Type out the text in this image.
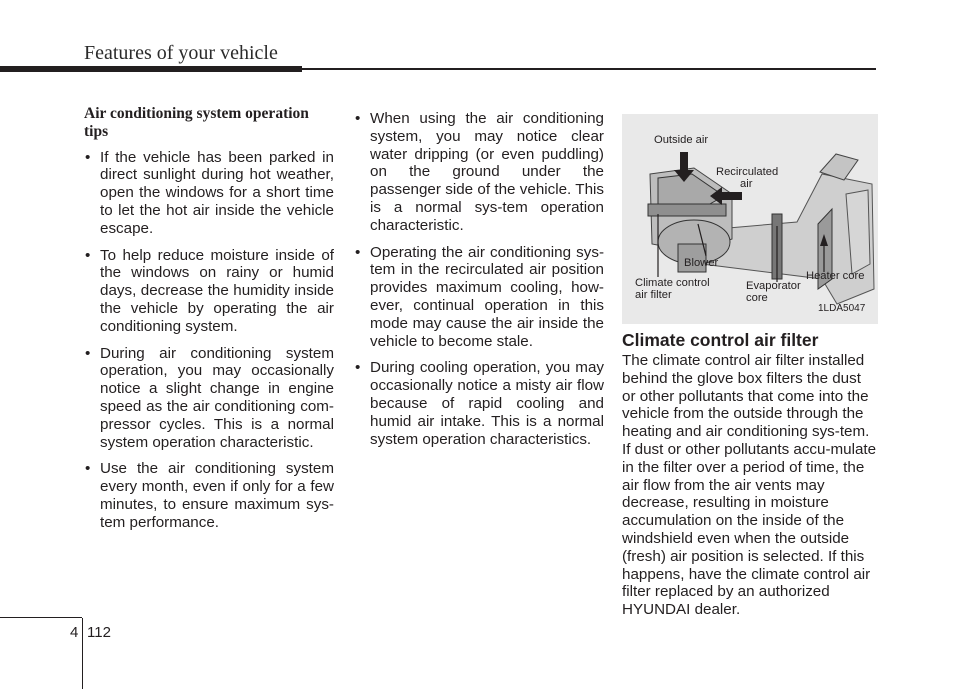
Features of your vehicle
Air conditioning system operation tips
• If the vehicle has been parked in direct sunlight during hot weather, open the windows for a short time to let the hot air inside the vehicle escape.
• To help reduce moisture inside of the windows on rainy or humid days, decrease the humidity inside the vehicle by operating the air conditioning system.
• During air conditioning system operation, you may occasionally notice a slight change in engine speed as the air conditioning com-pressor cycles. This is a normal system operation characteristic.
• Use the air conditioning system every month, even if only for a few minutes, to ensure maximum sys-tem performance.
• When using the air conditioning system, you may notice clear water dripping (or even puddling) on the ground under the passenger side of the vehicle. This is a normal sys-tem operation characteristic.
• Operating the air conditioning sys-tem in the recirculated air position provides maximum cooling, how-ever, continual operation in this mode may cause the air inside the vehicle to become stale.
• During cooling operation, you may occasionally notice a misty air flow because of rapid cooling and humid air intake. This is a normal system operation characteristics.
Outside air
Recirculated
air
Blower
Climate control
air filter
Evaporator
core
Heater core
1LDA5047
Climate control air filter

The climate control air filter installed behind the glove box filters the dust or other pollutants that come into the vehicle from the outside through the heating and air conditioning sys-tem. If dust or other pollutants accu-mulate in the filter over a period of time, the air flow from the air vents may decrease, resulting in moisture accumulation on the inside of the windshield even when the outside (fresh) air position is selected. If this happens, have the climate control air filter replaced by an authorized HYUNDAI dealer.

4 112
